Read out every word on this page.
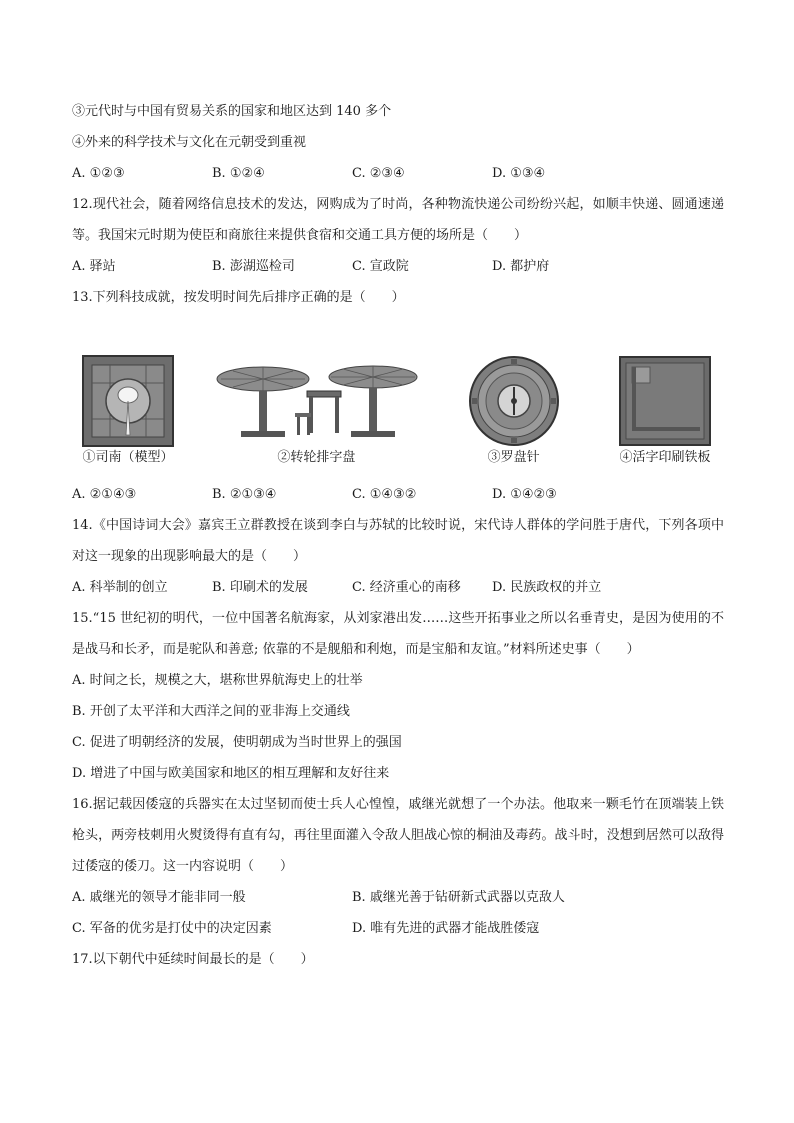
③元代时与中国有贸易关系的国家和地区达到 140 多个
④外来的科学技术与文化在元朝受到重视
A. ①②③	B. ①②④	C. ②③④	D. ①③④
12.现代社会，随着网络信息技术的发达，网购成为了时尚，各种物流快递公司纷纷兴起，如顺丰快递、圆通速递等。我国宋元时期为使臣和商旅往来提供食宿和交通工具方便的场所是（　　）
A. 驿站	B. 澎湖巡检司	C. 宣政院	D. 都护府
13.下列科技成就，按发明时间先后排序正确的是（　　）
①司南（模型）	②转轮排字盘	③罗盘针	④活字印刷铁板
A. ②①④③	B. ②①③④	C. ①④③②	D. ①④②③
14.《中国诗词大会》嘉宾王立群教授在谈到李白与苏轼的比较时说，宋代诗人群体的学问胜于唐代，下列各项中对这一现象的出现影响最大的是（　　）
A. 科举制的创立	B. 印刷术的发展	C. 经济重心的南移	D. 民族政权的并立
15.“15 世纪初的明代，一位中国著名航海家，从刘家港出发……这些开拓事业之所以名垂青史，是因为使用的不是战马和长矛，而是驼队和善意; 依靠的不是舰船和利炮，而是宝船和友谊。”材料所述史事（　　）
A. 时间之长，规模之大，堪称世界航海史上的壮举
B. 开创了太平洋和大西洋之间的亚非海上交通线
C. 促进了明朝经济的发展，使明朝成为当时世界上的强国
D. 增进了中国与欧美国家和地区的相互理解和友好往来
16.据记载因倭寇的兵器实在太过坚韧而使士兵人心惶惶，戚继光就想了一个办法。他取来一颗毛竹在顶端装上铁枪头，两旁枝刺用火熨烫得有直有勾，再往里面灌入令敌人胆战心惊的桐油及毒药。战斗时，没想到居然可以敌得过倭寇的倭刀。这一内容说明（　　）
A. 戚继光的领导才能非同一般	B. 戚继光善于钻研新式武器以克敌人
C. 军备的优劣是打仗中的决定因素	D. 唯有先进的武器才能战胜倭寇
17.以下朝代中延续时间最长的是（　　）
